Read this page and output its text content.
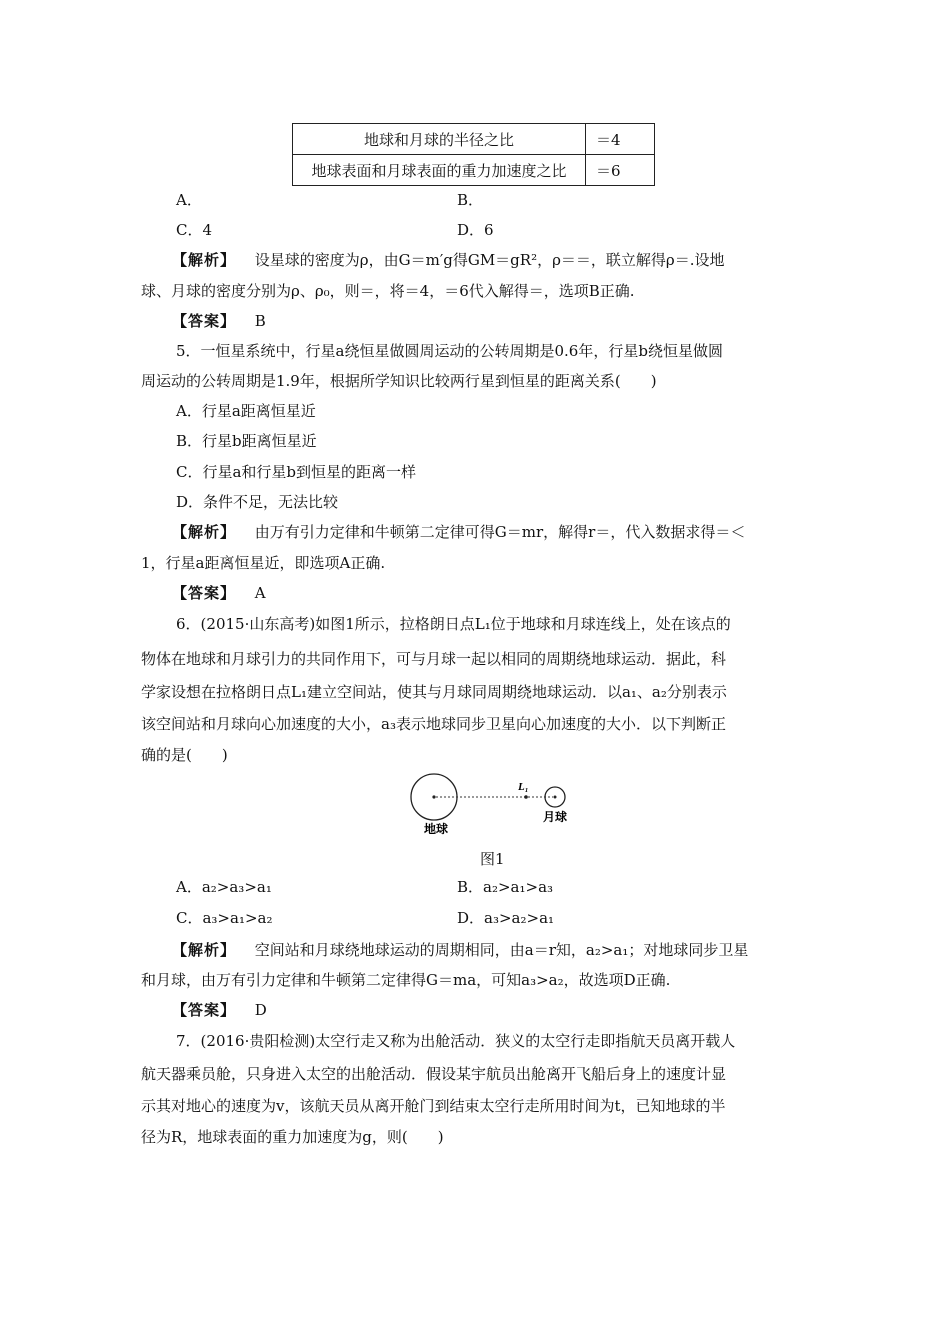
地球和月球的半径之比	＝4
地球表面和月球表面的重力加速度之比	＝6
A．	B．
C．4	D．6
【解析】 设星球的密度为ρ，由G＝m′g得GM＝gR²，ρ＝＝，联立解得ρ＝.设地
球、月球的密度分别为ρ、ρ₀，则＝，将＝4，＝6代入解得＝，选项B正确.
【答案】 B
5．一恒星系统中，行星a绕恒星做圆周运动的公转周期是0.6年，行星b绕恒星做圆
周运动的公转周期是1.9年，根据所学知识比较两行星到恒星的距离关系(　　)
A．行星a距离恒星近
B．行星b距离恒星近
C．行星a和行星b到恒星的距离一样
D．条件不足，无法比较
【解析】 由万有引力定律和牛顿第二定律可得G＝mr，解得r＝，代入数据求得＝＜
1，行星a距离恒星近，即选项A正确.
【答案】 A
6．(2015·山东高考)如图1所示，拉格朗日点L₁位于地球和月球连线上，处在该点的
物体在地球和月球引力的共同作用下，可与月球一起以相同的周期绕地球运动．据此，科
学家设想在拉格朗日点L₁建立空间站，使其与月球同周期绕地球运动．以a₁、a₂分别表示
该空间站和月球向心加速度的大小，a₃表示地球同步卫星向心加速度的大小．以下判断正
确的是(　　)
L₁
地球
月球
图1
A．a₂>a₃>a₁	B．a₂>a₁>a₃
C．a₃>a₁>a₂	D．a₃>a₂>a₁
【解析】 空间站和月球绕地球运动的周期相同，由a＝r知，a₂>a₁；对地球同步卫星
和月球，由万有引力定律和牛顿第二定律得G＝ma，可知a₃>a₂，故选项D正确.
【答案】 D
7．(2016·贵阳检测)太空行走又称为出舱活动．狭义的太空行走即指航天员离开载人
航天器乘员舱，只身进入太空的出舱活动．假设某宇航员出舱离开飞船后身上的速度计显
示其对地心的速度为v，该航天员从离开舱门到结束太空行走所用时间为t，已知地球的半
径为R，地球表面的重力加速度为g，则(　　)
